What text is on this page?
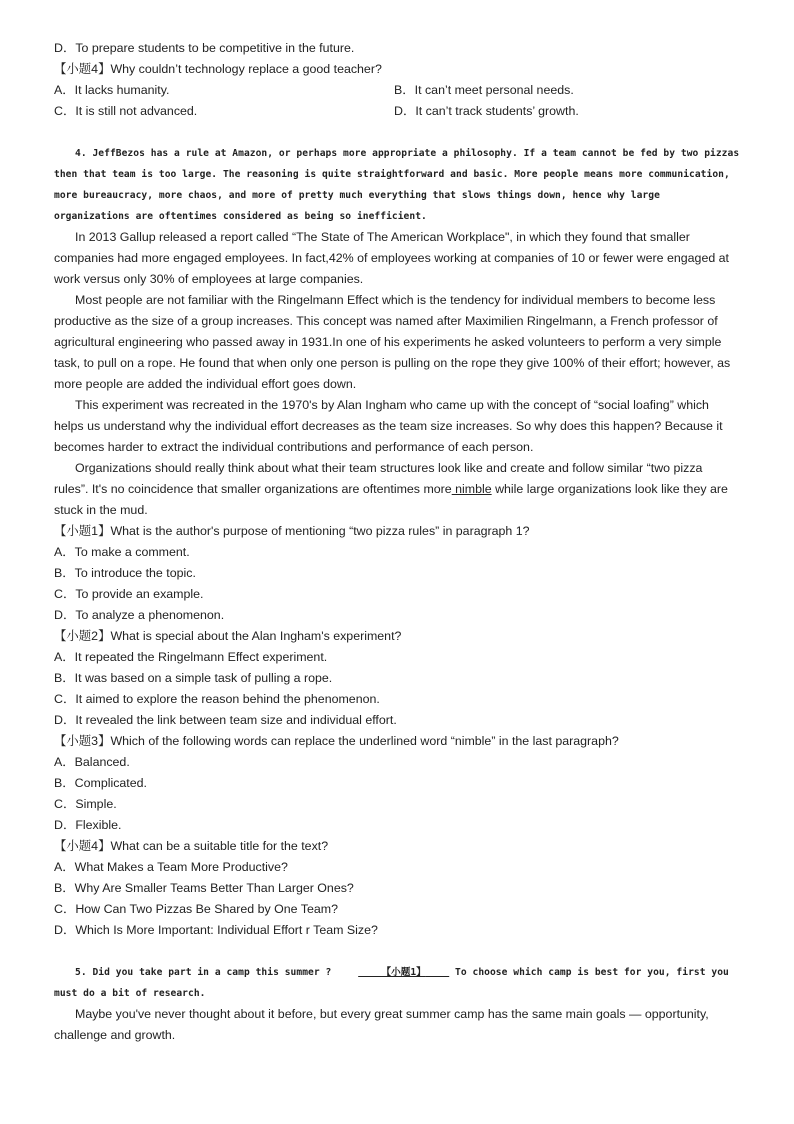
D．To prepare students to be competitive in the future.
【小题4】Why couldn’t technology replace a good teacher?
A．It lacks humanity.	B．It can’t meet personal needs.
C．It is still not advanced.	D．It can’t track students’ growth.

4. JeffBezos has a rule at Amazon, or perhaps more appropriate a philosophy. If a team cannot be fed by two pizzas then that team is too large. The reasoning is quite straightforward and basic. More people means more communication, more bureaucracy, more chaos, and more of pretty much everything that slows things down, hence why large organizations are oftentimes considered as being so inefficient.

In 2013 Gallup released a report called “The State of The American Workplace", in which they found that smaller companies had more engaged employees. In fact,42% of employees working at companies of 10 or fewer were engaged at work versus only 30% of employees at large companies.

Most people are not familiar with the Ringelmann Effect which is the tendency for individual members to become less productive as the size of a group increases. This concept was named after Maximilien Ringelmann, a French professor of agricultural engineering who passed away in 1931.In one of his experiments he asked volunteers to perform a very simple task, to pull on a rope. He found that when only one person is pulling on the rope they give 100% of their effort; however, as more people are added the individual effort goes down.

This experiment was recreated in the 1970's by Alan Ingham who came up with the concept of “social loafing” which helps us understand why the individual effort decreases as the team size increases. So why does this happen? Because it becomes harder to extract the individual contributions and performance of each person.

Organizations should really think about what their team structures look like and create and follow similar “two pizza rules”. It's no coincidence that smaller organizations are oftentimes more nimble while large organizations look like they are stuck in the mud.

【小题1】What is the author's purpose of mentioning “two pizza rules” in paragraph 1?
A．To make a comment.
B．To introduce the topic.
C．To provide an example.
D．To analyze a phenomenon.
【小题2】What is special about the Alan Ingham's experiment?
A．It repeated the Ringelmann Effect experiment.
B．It was based on a simple task of pulling a rope.
C．It aimed to explore the reason behind the phenomenon.
D．It revealed the link between team size and individual effort.
【小题3】Which of the following words can replace the underlined word “nimble” in the last paragraph?
A．Balanced.
B．Complicated.
C．Simple.
D．Flexible.
【小题4】What can be a suitable title for the text?
A．What Makes a Team More Productive?
B．Why Are Smaller Teams Better Than Larger Ones?
C．How Can Two Pizzas Be Shared by One Team?
D．Which Is More Important: Individual Effort r Team Size?

5. Did you take part in a camp this summer ?	【小题1】     To choose which camp is best for you, first you must do a bit of research.

Maybe you've never thought about it before, but every great summer camp has the same main goals — opportunity, challenge and growth.
